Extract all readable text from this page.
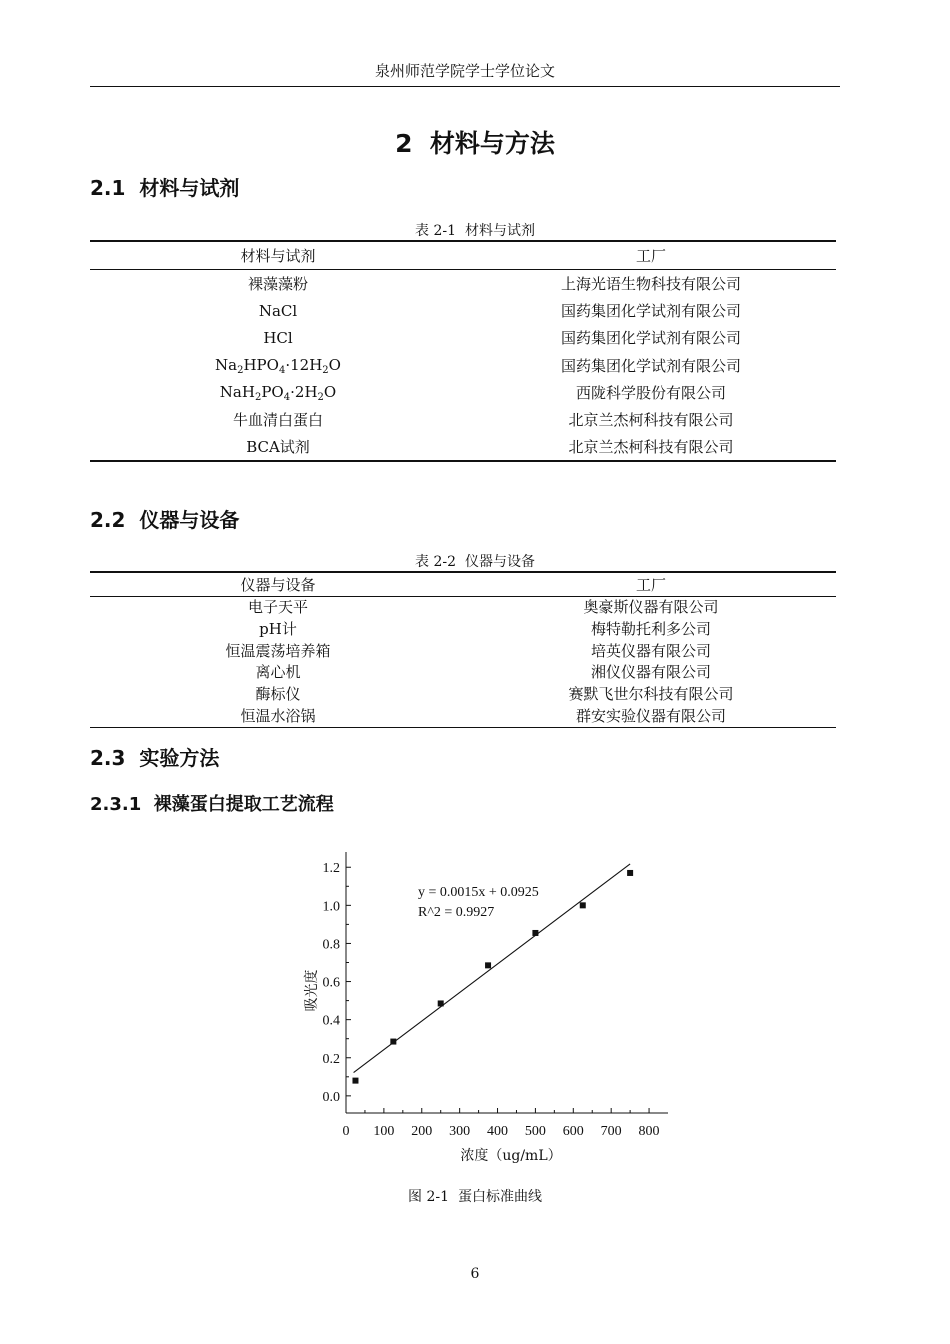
泉州师范学院学士学位论文
2  材料与方法
2.1  材料与试剂
表 2-1  材料与试剂
材料与试剂	工厂
裸藻藻粉	上海光语生物科技有限公司
NaCl	国药集团化学试剂有限公司
HCl	国药集团化学试剂有限公司
$Na_2HPO_4\cdot 12H_2O$	国药集团化学试剂有限公司
$NaH_2PO_4\cdot 2H_2O$	西陇科学股份有限公司
牛血清白蛋白	北京兰杰柯科技有限公司
BCA试剂	北京兰杰柯科技有限公司
2.2  仪器与设备
表 2-2  仪器与设备
仪器与设备	工厂
电子天平	奥豪斯仪器有限公司
pH计	梅特勒托利多公司
恒温震荡培养箱	培英仪器有限公司
离心机	湘仪仪器有限公司
酶标仪	赛默飞世尔科技有限公司
恒温水浴锅	群安实验仪器有限公司
2.3  实验方法
2.3.1  裸藻蛋白提取工艺流程
0 100 200 300 400 500 600 700 800
0.0
0.2
0.4
0.6
0.8
1.0
1.2
y = 0.0015x + 0.0925
R^2 = 0.9927
浓度（ug/mL）
吸光度
图 2-1  蛋白标准曲线
6
